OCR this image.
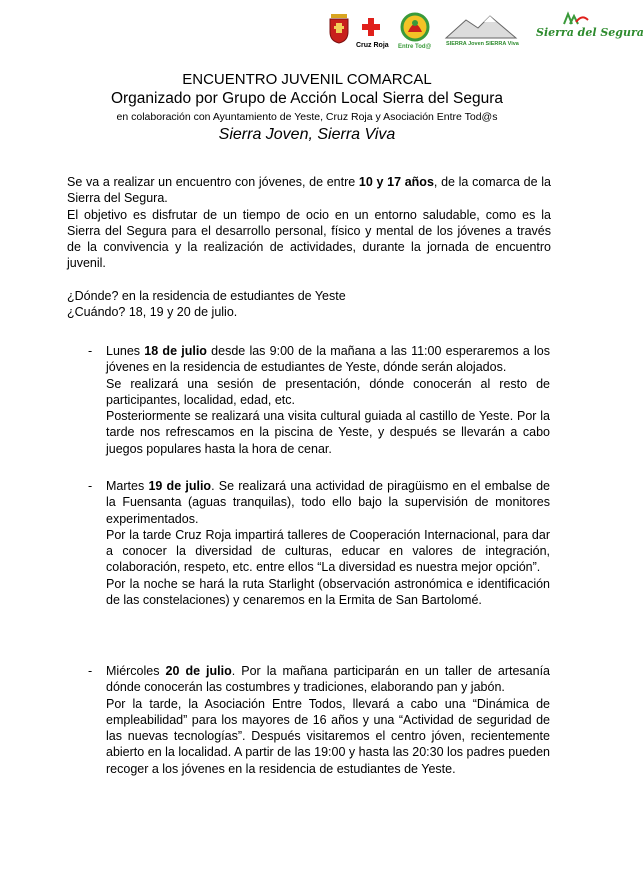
Cruz Roja Entre Tod@	SIERRA Joven SIERRA Viva
Sierra del Segura
ENCUENTRO JUVENIL COMARCAL
Organizado por Grupo de Acción Local Sierra del Segura
en colaboración con Ayuntamiento de Yeste, Cruz Roja y Asociación Entre Tod@s
Sierra Joven, Sierra Viva

Se va a realizar un encuentro con jóvenes, de entre 10 y 17 años, de la comarca de la Sierra del Segura.

El objetivo es disfrutar de un tiempo de ocio en un entorno saludable, como es la Sierra del Segura para el desarrollo personal, físico y mental de los jóvenes a través de la convivencia y la realización de actividades, durante la jornada de encuentro juvenil.

¿Dónde? en la residencia de estudiantes de Yeste

¿Cuándo? 18, 19 y 20 de julio.

- Lunes 18 de julio desde las 9:00 de la mañana a las 11:00 esperaremos a los jóvenes en la residencia de estudiantes de Yeste, dónde serán alojados.

Se realizará una sesión de presentación, dónde conocerán al resto de participantes, localidad, edad, etc.

Posteriormente se realizará una visita cultural guiada al castillo de Yeste. Por la tarde nos refrescamos en la piscina de Yeste, y después se llevarán a cabo juegos populares hasta la hora de cenar.

- Martes 19 de julio. Se realizará una actividad de piragüismo en el embalse de la Fuensanta (aguas tranquilas), todo ello bajo la supervisión de monitores experimentados.

Por la tarde Cruz Roja impartirá talleres de Cooperación Internacional, para dar a conocer la diversidad de culturas, educar en valores de integración, colaboración, respeto, etc. entre ellos “La diversidad es nuestra mejor opción”.

Por la noche se hará la ruta Starlight (observación astronómica e identificación de las constelaciones) y cenaremos en la Ermita de San Bartolomé.

- Miércoles 20 de julio. Por la mañana participarán en un taller de artesanía dónde conocerán las costumbres y tradiciones, elaborando pan y jabón.

Por la tarde, la Asociación Entre Todos, llevará a cabo una “Dinámica de empleabilidad” para los mayores de 16 años y una “Actividad de seguridad de las nuevas tecnologías”. Después visitaremos el centro jóven, recientemente abierto en la localidad. A partir de las 19:00 y hasta las 20:30 los padres pueden recoger a los jóvenes en la residencia de estudiantes de Yeste.
